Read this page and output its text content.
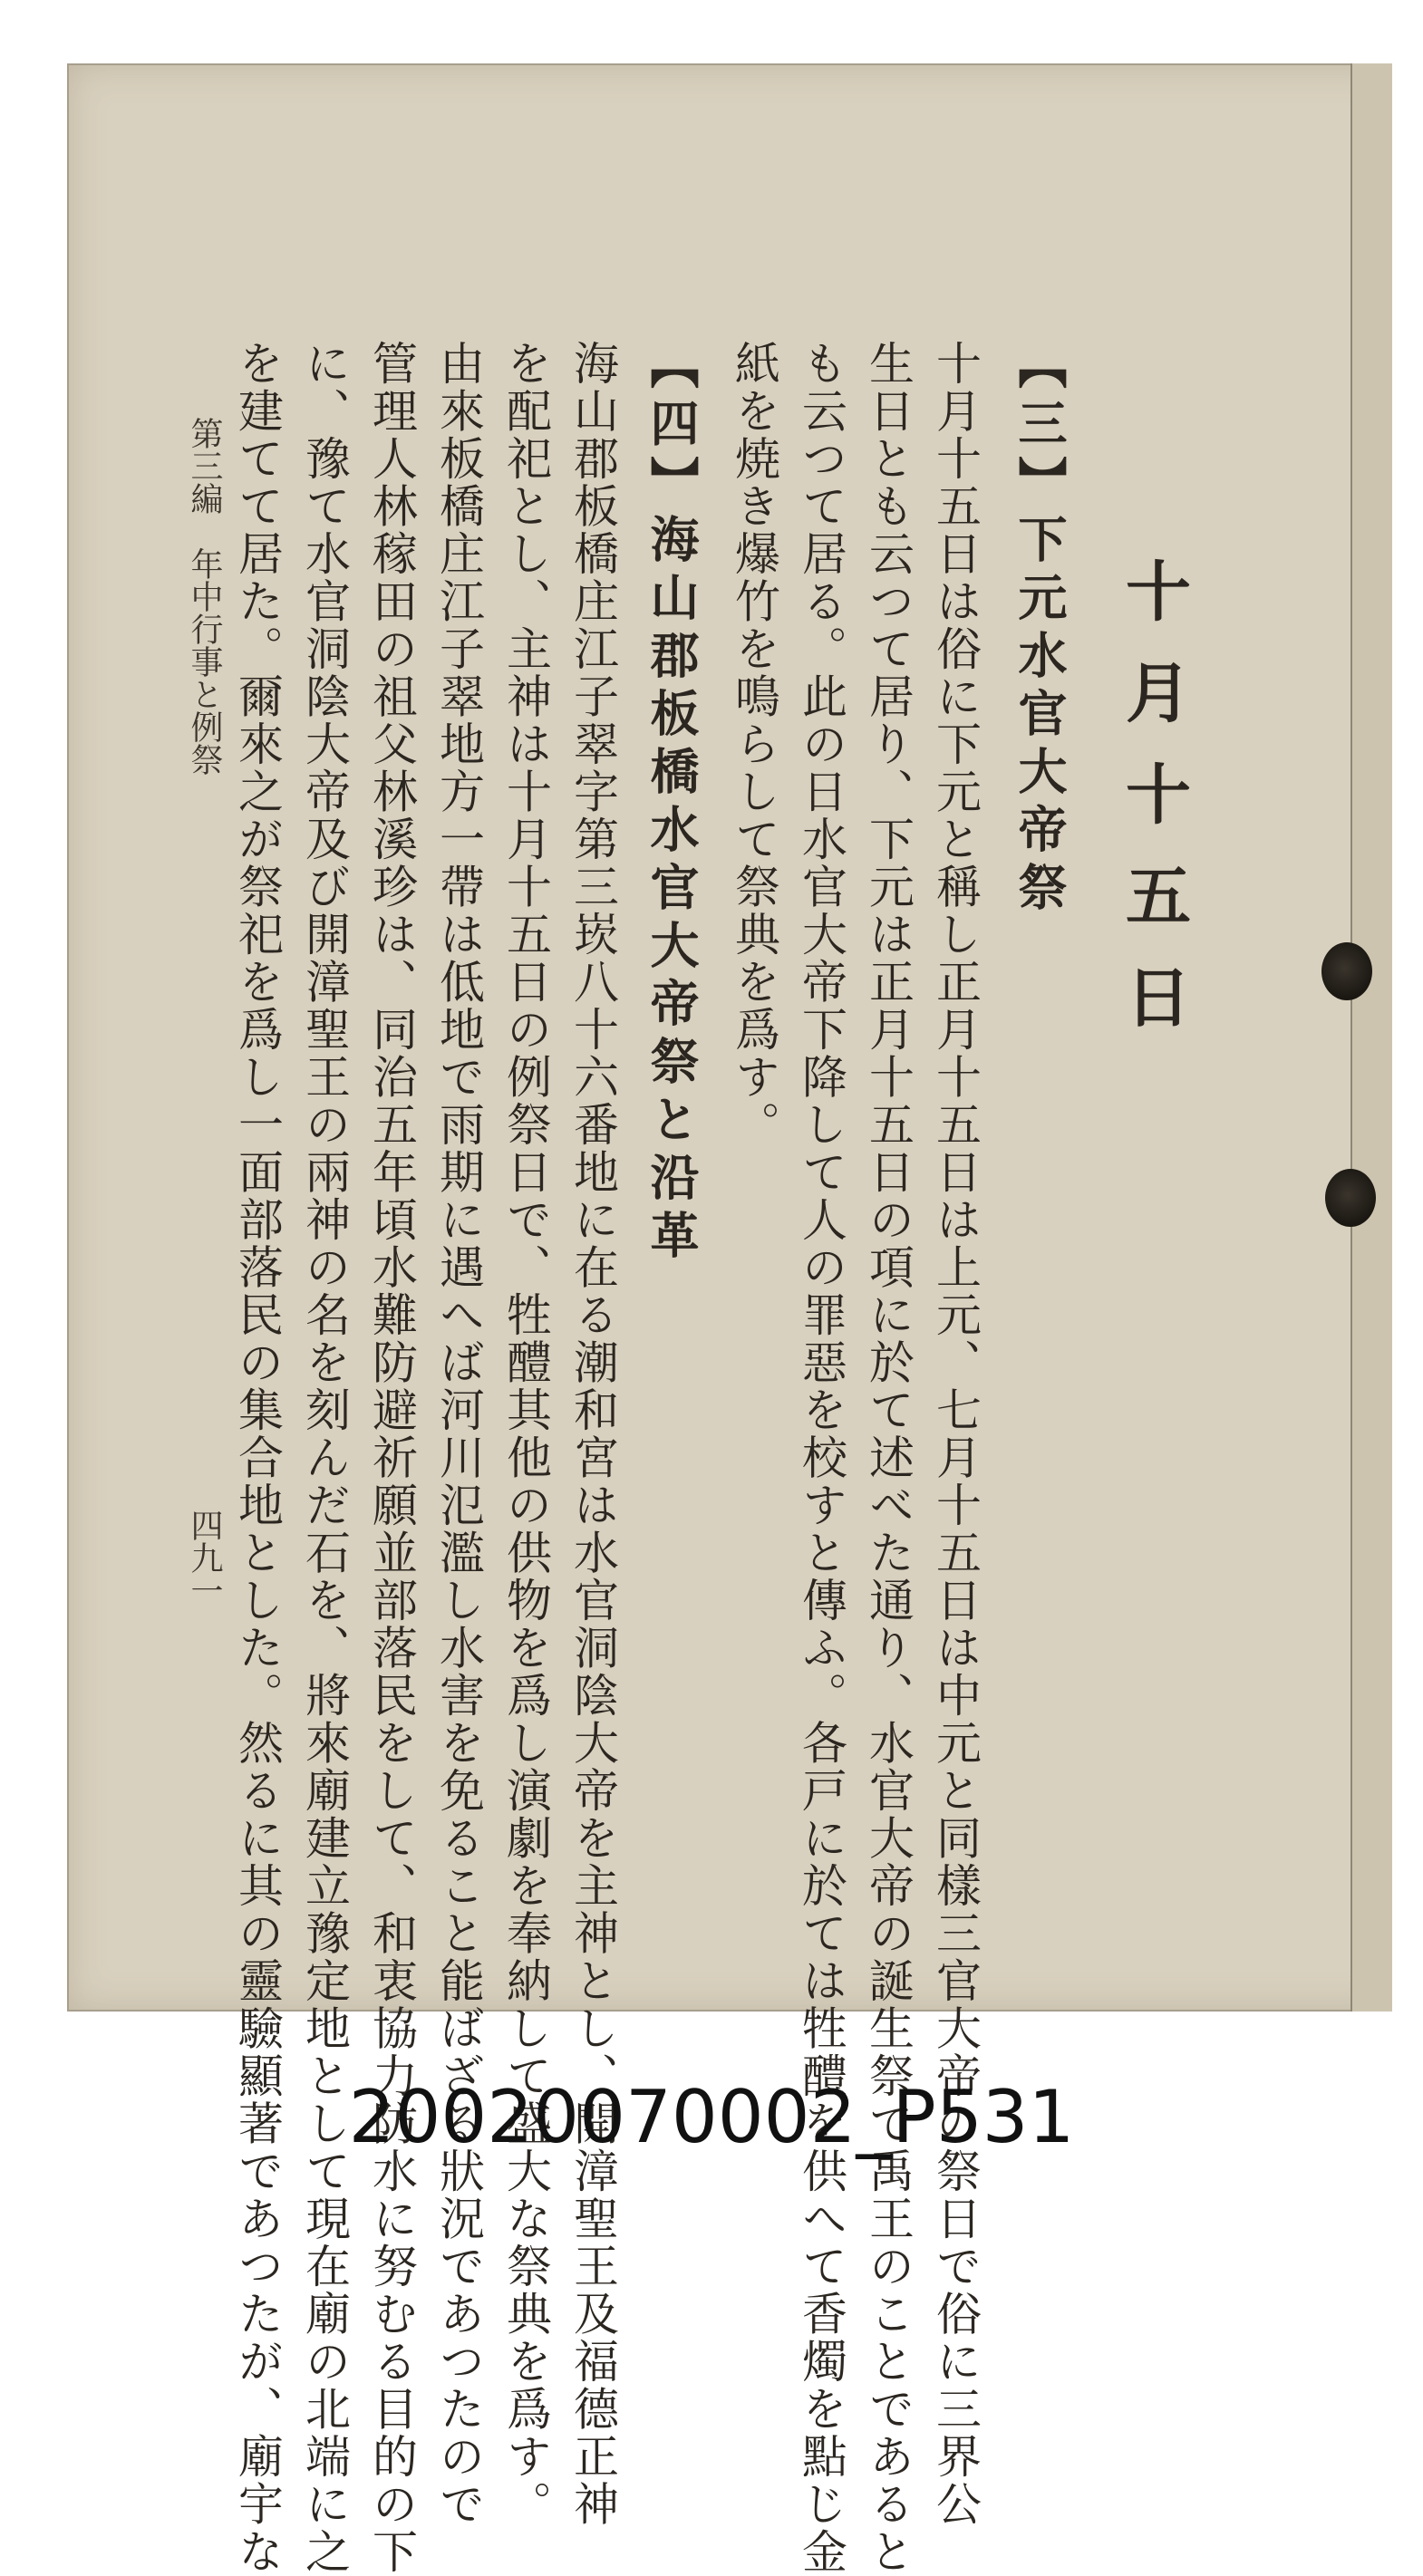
十月十五日
【三】下元水官大帝祭
十月十五日は俗に下元と稱し正月十五日は上元、七月十五日は中元と同樣三官大帝の祭日で俗に三界公
生日とも云つて居り、下元は正月十五日の項に於て述べた通り、水官大帝の誕生祭で禹王のことであると
も云つて居る。此の日水官大帝下降して人の罪惡を校すと傳ふ。各戸に於ては牲醴を供へて香燭を點じ金
紙を焼き爆竹を鳴らして祭典を爲す。
【四】海山郡板橋水官大帝祭と沿革
海山郡板橋庄江子翠字第三崁八十六番地に在る潮和宮は水官洞陰大帝を主神とし、開漳聖王及福德正神
を配祀とし、主神は十月十五日の例祭日で、牲醴其他の供物を爲し演劇を奉納して盛大な祭典を爲す。
由來板橋庄江子翠地方一帶は低地で雨期に遇へば河川氾濫し水害を免ること能ばざる狀況であつたので
管理人林稼田の祖父林溪珍は、同治五年頃水難防避祈願並部落民をして、和衷協力防水に努むる目的の下
に、豫て水官洞陰大帝及び開漳聖王の兩神の名を刻んだ石を、將來廟建立豫定地として現在廟の北端に之
を建てて居た。爾來之が祭祀を爲し一面部落民の集合地とした。然るに其の靈驗顯著であつたが、廟宇な
第三編　年中行事と例祭
四九一
20020070002_P531
